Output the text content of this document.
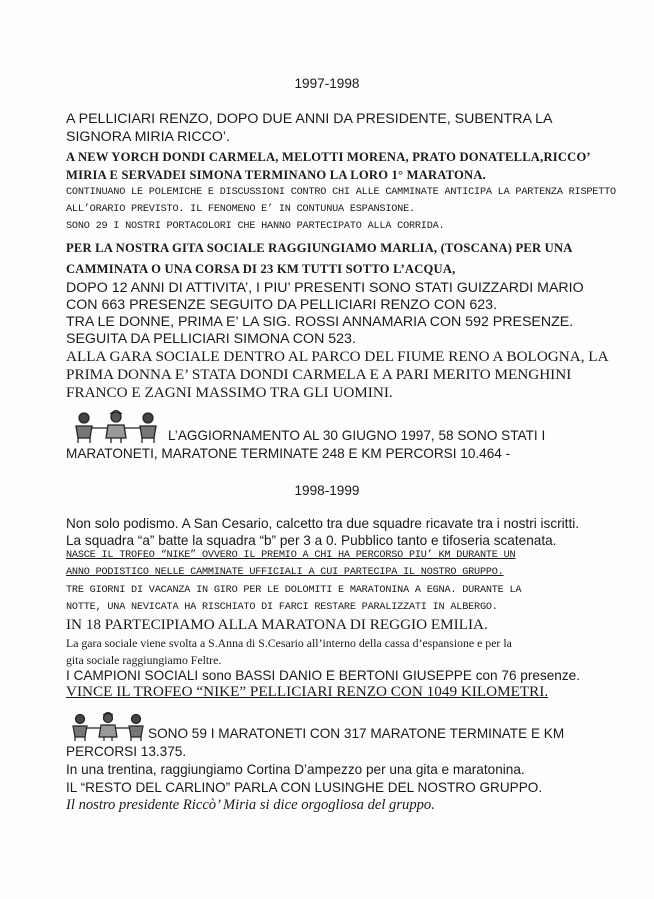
1997-1998

A PELLICIARI RENZO, DOPO DUE ANNI DA PRESIDENTE, SUBENTRA LA

SIGNORA MIRIA RICCO’.

A NEW YORCH DONDI CARMELA, MELOTTI MORENA, PRATO DONATELLA,RICCO’

MIRIA E SERVADEI SIMONA TERMINANO LA LORO 1° MARATONA.

CONTINUANO LE POLEMICHE E DISCUSSIONI CONTRO CHI ALLE CAMMINATE ANTICIPA LA PARTENZA RISPETTO

ALL’ORARIO PREVISTO. IL FENOMENO E’ IN CONTUNUA ESPANSIONE.

SONO 29 I NOSTRI PORTACOLORI CHE HANNO PARTECIPATO ALLA CORRIDA.

PER LA NOSTRA GITA SOCIALE RAGGIUNGIAMO MARLIA, (TOSCANA) PER UNA

CAMMINATA O UNA CORSA DI 23 KM TUTTI SOTTO L’ACQUA,

DOPO 12 ANNI DI ATTIVITA’, I PIU’ PRESENTI SONO STATI GUIZZARDI MARIO

CON 663 PRESENZE SEGUITO DA PELLICIARI RENZO CON 623.

TRA LE DONNE, PRIMA E’ LA SIG. ROSSI ANNAMARIA CON 592 PRESENZE.

SEGUITA DA PELLICIARI SIMONA CON 523.

ALLA GARA SOCIALE DENTRO AL PARCO DEL FIUME RENO A BOLOGNA, LA

PRIMA DONNA E’ STATA DONDI CARMELA E A PARI MERITO MENGHINI

FRANCO E ZAGNI MASSIMO TRA GLI UOMINI.

L’AGGIORNAMENTO AL 30 GIUGNO 1997, 58 SONO STATI I

MARATONETI, MARATONE TERMINATE 248 E KM PERCORSI 10.464 -

1998-1999

Non solo podismo. A San Cesario, calcetto tra due squadre ricavate tra i nostri iscritti.

La squadra “a” batte la squadra “b” per 3 a 0. Pubblico tanto e tifoseria scatenata.

NASCE IL TROFEO “NIKE” OVVERO IL PREMIO A CHI HA PERCORSO PIU’ KM DURANTE UN

ANNO PODISTICO NELLE CAMMINATE UFFICIALI A CUI PARTECIPA IL NOSTRO GRUPPO.

TRE GIORNI DI VACANZA IN GIRO PER LE DOLOMITI E MARATONINA A EGNA. DURANTE LA

NOTTE, UNA NEVICATA HA RISCHIATO DI FARCI RESTARE PARALIZZATI IN ALBERGO.

IN 18 PARTECIPIAMO ALLA MARATONA DI REGGIO EMILIA.

La gara sociale viene svolta a S.Anna di S.Cesario all’interno della cassa d’espansione e per la

gita sociale raggiungiamo Feltre.

I CAMPIONI SOCIALI sono BASSI DANIO E BERTONI GIUSEPPE con 76 presenze.

VINCE IL TROFEO “NIKE” PELLICIARI RENZO CON 1049 KILOMETRI.

SONO 59 I MARATONETI CON 317 MARATONE TERMINATE E KM

PERCORSI 13.375.

In una trentina, raggiungiamo Cortina D’ampezzo per una gita e maratonina.

IL “RESTO DEL CARLINO” PARLA CON LUSINGHE DEL NOSTRO GRUPPO.

Il nostro presidente Riccò’ Miria si dice orgogliosa del gruppo.
